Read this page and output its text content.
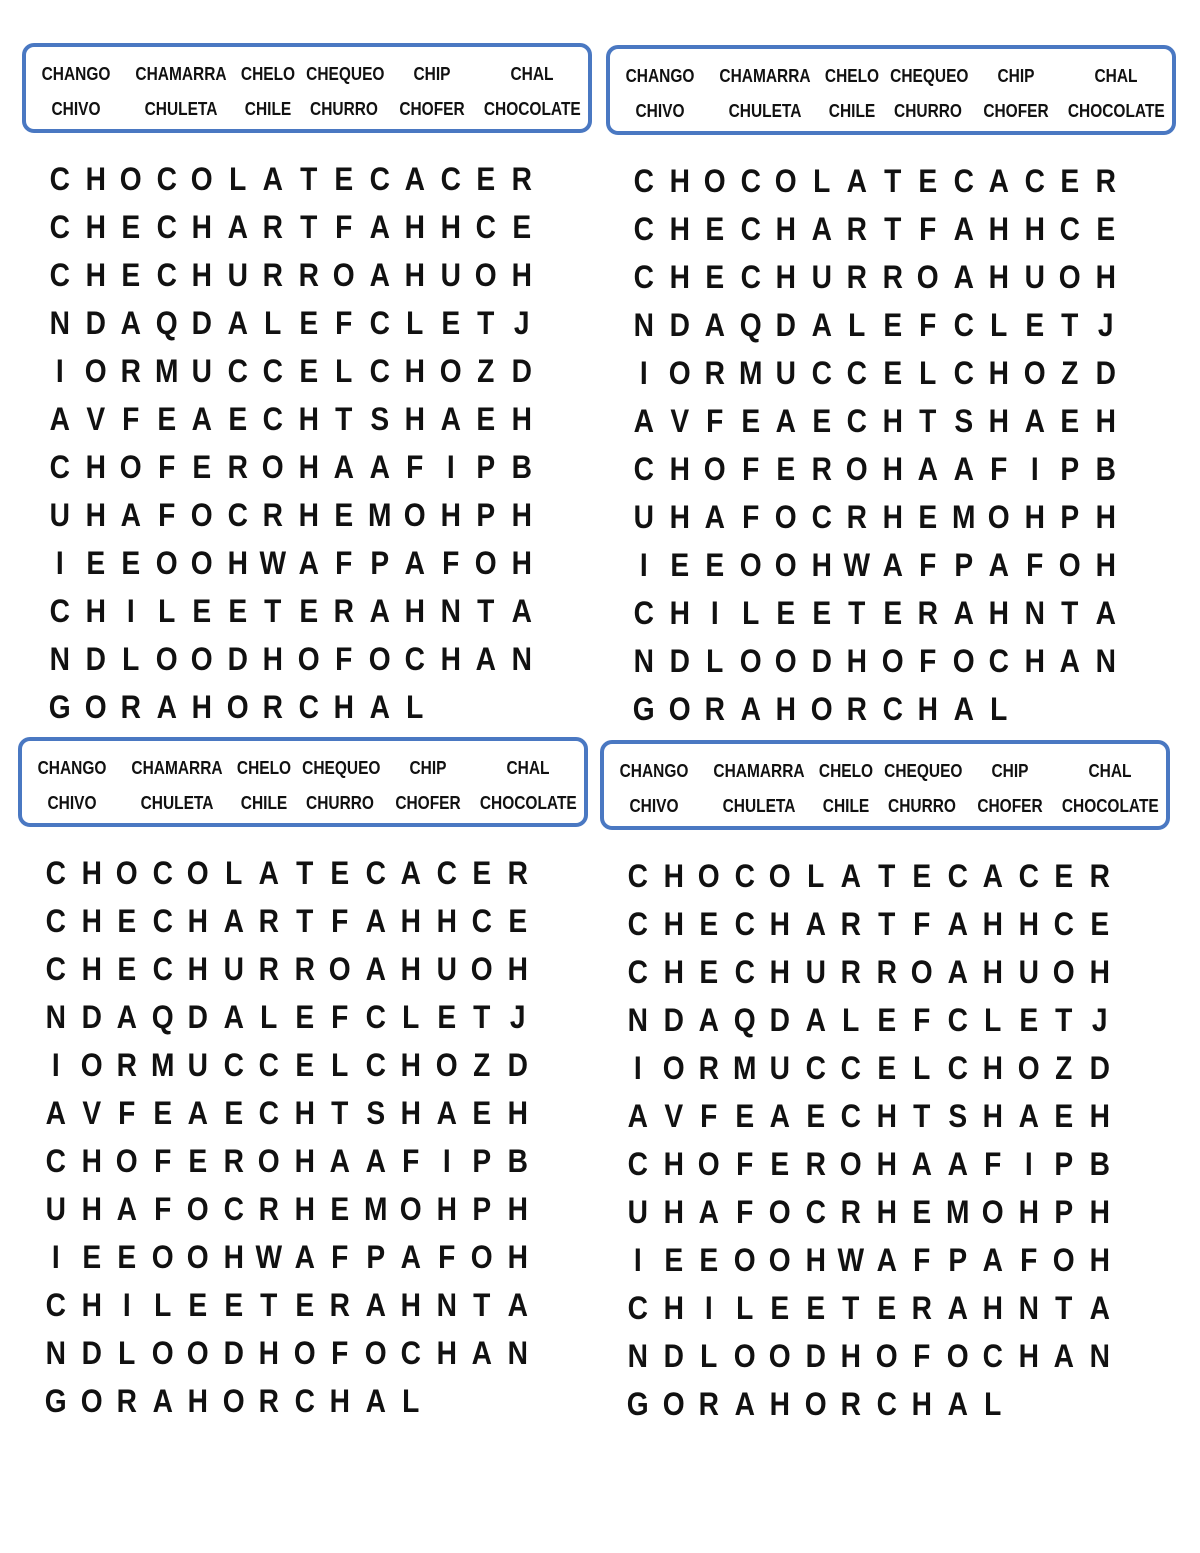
CHANGO	CHAMARRA CHELO CHEQUEO	CHIP	CHAL
CHIVO	CHULETA	CHILE CHURRO CHOFER CHOCOLATE
C H O C O L A T E C A C E R
C H E C H A R T F A H H C E
C H E C H U R R O A H U O H
N D A Q D A L E F C L E T J
I O R M U C C E L C H O Z D
A V F E A E C H T S H A E H
C H O F E R O H A A F I P B
U H A F O C R H E M O H P H
I E E O O H W A F P A F O H
C H I L E E T E R A H N T A
N D L O O D H O F O C H A N
G O R A H O R C H A L
CHANGO	CHAMARRA CHELO CHEQUEO	CHIP	CHAL
CHIVO	CHULETA	CHILE CHURRO CHOFER CHOCOLATE
C H O C O L A T E C A C E R
C H E C H A R T F A H H C E
C H E C H U R R O A H U O H
N D A Q D A L E F C L E T J
I O R M U C C E L C H O Z D
A V F E A E C H T S H A E H
C H O F E R O H A A F I P B
U H A F O C R H E M O H P H
I E E O O H W A F P A F O H
C H I L E E T E R A H N T A
N D L O O D H O F O C H A N
G O R A H O R C H A L
CHANGO	CHAMARRA CHELO CHEQUEO	CHIP	CHAL
CHIVO	CHULETA	CHILE CHURRO CHOFER CHOCOLATE
C H O C O L A T E C A C E R
C H E C H A R T F A H H C E
C H E C H U R R O A H U O H
N D A Q D A L E F C L E T J
I O R M U C C E L C H O Z D
A V F E A E C H T S H A E H
C H O F E R O H A A F I P B
U H A F O C R H E M O H P H
I E E O O H W A F P A F O H
C H I L E E T E R A H N T A
N D L O O D H O F O C H A N
G O R A H O R C H A L
CHANGO	CHAMARRA CHELO CHEQUEO	CHIP	CHAL
CHIVO	CHULETA	CHILE CHURRO CHOFER CHOCOLATE
C H O C O L A T E C A C E R
C H E C H A R T F A H H C E
C H E C H U R R O A H U O H
N D A Q D A L E F C L E T J
I O R M U C C E L C H O Z D
A V F E A E C H T S H A E H
C H O F E R O H A A F I P B
U H A F O C R H E M O H P H
I E E O O H W A F P A F O H
C H I L E E T E R A H N T A
N D L O O D H O F O C H A N
G O R A H O R C H A L
